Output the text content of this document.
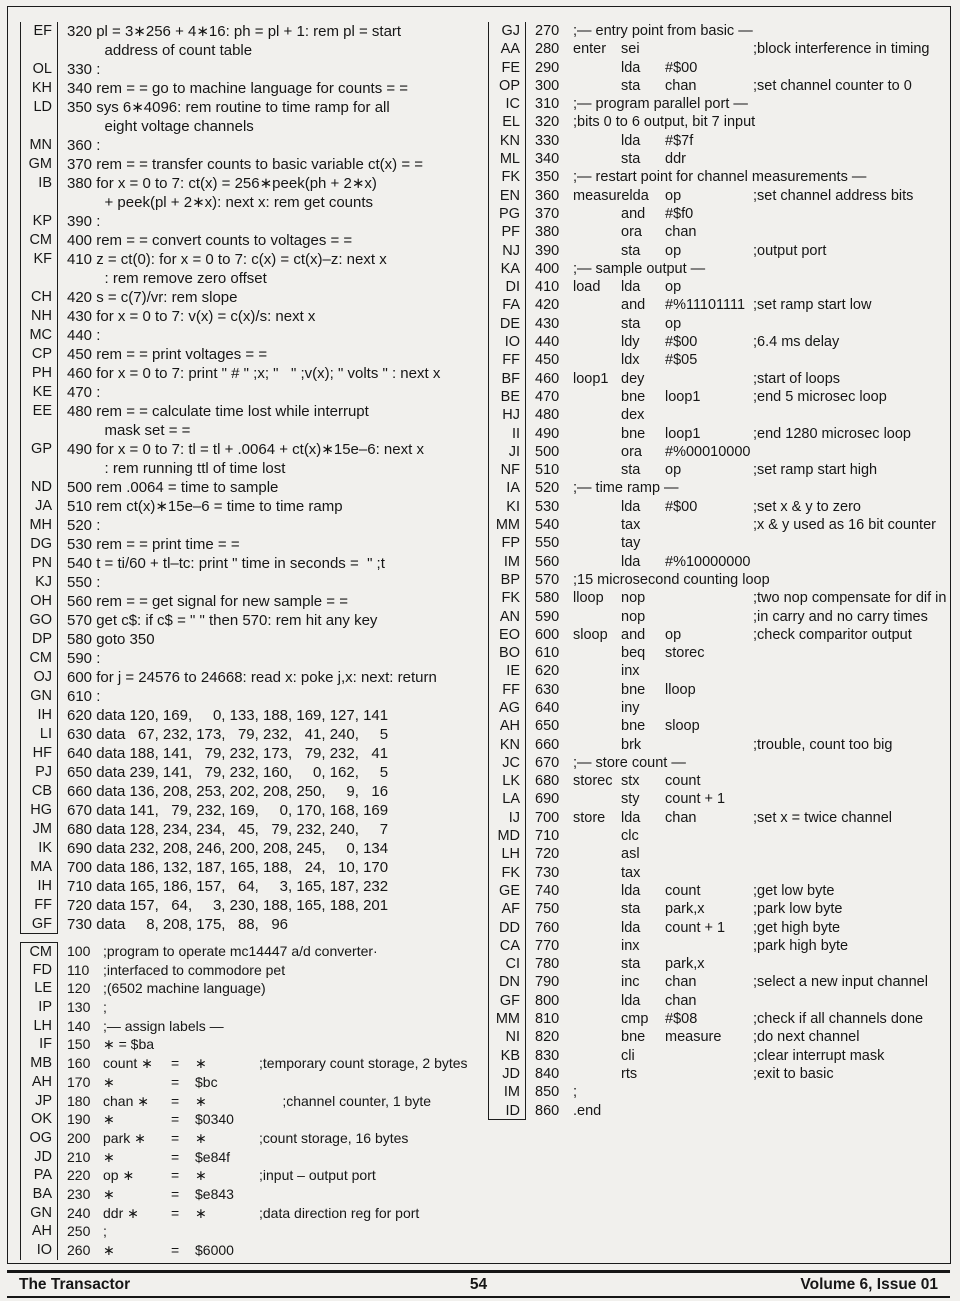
EF	320 pl = 3∗256 + 4∗16: ph = pl + 1: rem pl = start
address of count table
OL	330 :
KH	340 rem = = go to machine language for counts = =
LD	350 sys 6∗4096: rem routine to time ramp for all
eight voltage channels
MN	360 :
GM	370 rem = = transfer counts to basic variable ct(x) = =
IB	380 for x = 0 to 7: ct(x) = 256∗peek(ph + 2∗x)
+ peek(pl + 2∗x): next x: rem get counts
KP	390 :
CM	400 rem = = convert counts to voltages = =
KF	410 z = ct(0): for x = 0 to 7: c(x) = ct(x)–z: next x
: rem remove zero offset
CH	420 s = c(7)/vr: rem slope
NH	430 for x = 0 to 7: v(x) = c(x)/s: next x
MC	440 :
CP	450 rem = = print voltages = =
PH	460 for x = 0 to 7: print " # " ;x; "   " ;v(x); " volts " : next x
KE	470 :
EE	480 rem = = calculate time lost while interrupt
mask set = =
GP	490 for x = 0 to 7: tl = tl + .0064 + ct(x)∗15e–6: next x
: rem running ttl of time lost
ND	500 rem .0064 = time to sample
JA	510 rem ct(x)∗15e–6 = time to time ramp
MH	520 :
DG	530 rem = = print time = =
PN	540 t = ti/60 + tl–tc: print " time in seconds =  " ;t
KJ	550 :
OH	560 rem = = get signal for new sample = =
GO	570 get c$: if c$ = " " then 570: rem hit any key
DP	580 goto 350
CM	590 :
OJ	600 for j = 24576 to 24668: read x: poke j,x: next: return
GN	610 :
IH	620 data 120, 169,     0, 133, 188, 169, 127, 141
LI	630 data   67, 232, 173,   79, 232,   41, 240,     5
HF	640 data 188, 141,   79, 232, 173,   79, 232,   41
PJ	650 data 239, 141,   79, 232, 160,     0, 162,     5
CB	660 data 136, 208, 253, 202, 208, 250,     9,   16
HG	670 data 141,   79, 232, 169,     0, 170, 168, 169
JM	680 data 128, 234, 234,   45,   79, 232, 240,     7
IK	690 data 232, 208, 246, 200, 208, 245,     0, 134
MA	700 data 186, 132, 187, 165, 188,   24,   10, 170
IH	710 data 165, 186, 157,   64,     3, 165, 187, 232
FF	720 data 157,   64,     3, 230, 188, 165, 188, 201
GF	730 data     8, 208, 175,   88,   96
CM	100 ;program to operate mc14447 a/d converter·
FD	110 ;interfaced to commodore pet
LE	120 ;(6502 machine language)
IP	130 ;
LH	140 ;— assign labels —
IF	150 ∗ = $ba
MB	160 count ∗ = ∗	;temporary count storage, 2 bytes
AH	170 ∗	= $bc
JP	180 chan ∗ = ∗	;channel counter, 1 byte
OK	190 ∗	= $0340
OG	200 park ∗ = ∗	;count storage, 16 bytes
JD	210 ∗	= $e84f
PA	220 op ∗	= ∗	;input – output port
BA	230 ∗	= $e843
GN	240 ddr ∗ = ∗	;data direction reg for port
AH	250 ;
IO	260 ∗	= $6000
GJ	270 ;— entry point from basic —
AA	280 enter sei	;block interference in timing
FE	290	lda #$00
OP	300	sta chan	;set channel counter to 0
IC	310 ;— program parallel port —
EL	320 ;bits 0 to 6 output, bit 7 input
KN	330	lda #$7f
ML	340	sta ddr
FK	350 ;— restart point for channel measurements —
EN	360 measurelda op	;set channel address bits
PG	370	and #$f0
PF	380	ora chan
NJ	390	sta op	;output port
KA	400 ;— sample output —
DI	410 load lda op
FA	420	and #%11101111 ;set ramp start low
DE	430	sta op
IO	440	ldy #$00	;6.4 ms delay
FF	450	ldx #$05
BF	460 loop1 dey	;start of loops
BE	470	bne loop1	;end 5 microsec loop
HJ	480	dex
II	490	bne loop1	;end 1280 microsec loop
JI	500	ora #%00010000
NF	510	sta op	;set ramp start high
IA	520 ;— time ramp —
KI	530	lda #$00	;set x & y to zero
MM	540	tax	;x & y used as 16 bit counter
FP	550	tay
IM	560	lda #%10000000
BP	570 ;15 microsecond counting loop
FK	580 lloop nop	;two nop compensate for dif in
AN	590	nop	;in carry and no carry times
EO	600 sloop and op	;check comparitor output
BO	610	beq storec
IE	620	inx
FF	630	bne lloop
AG	640	iny
AH	650	bne sloop
KN	660	brk	;trouble, count too big
JC	670 ;— store count —
LK	680 storec stx count
LA	690	sty count + 1
IJ	700 store lda chan	;set x = twice channel
MD	710	clc
LH	720	asl
FK	730	tax
GE	740	lda count	;get low byte
AF	750	sta park,x	;park low byte
DD	760	lda count + 1 ;get high byte
CA	770	inx	;park high byte
CI	780	sta park,x
DN	790	inc chan	;select a new input channel
GF	800	lda chan
MM	810	cmp #$08	;check if all channels done
NI	820	bne measure ;do next channel
KB	830	cli	;clear interrupt mask
JD	840	rts	;exit to basic
IM	850 ;
ID	860 .end
The Transactor	54	Volume 6, Issue 01
